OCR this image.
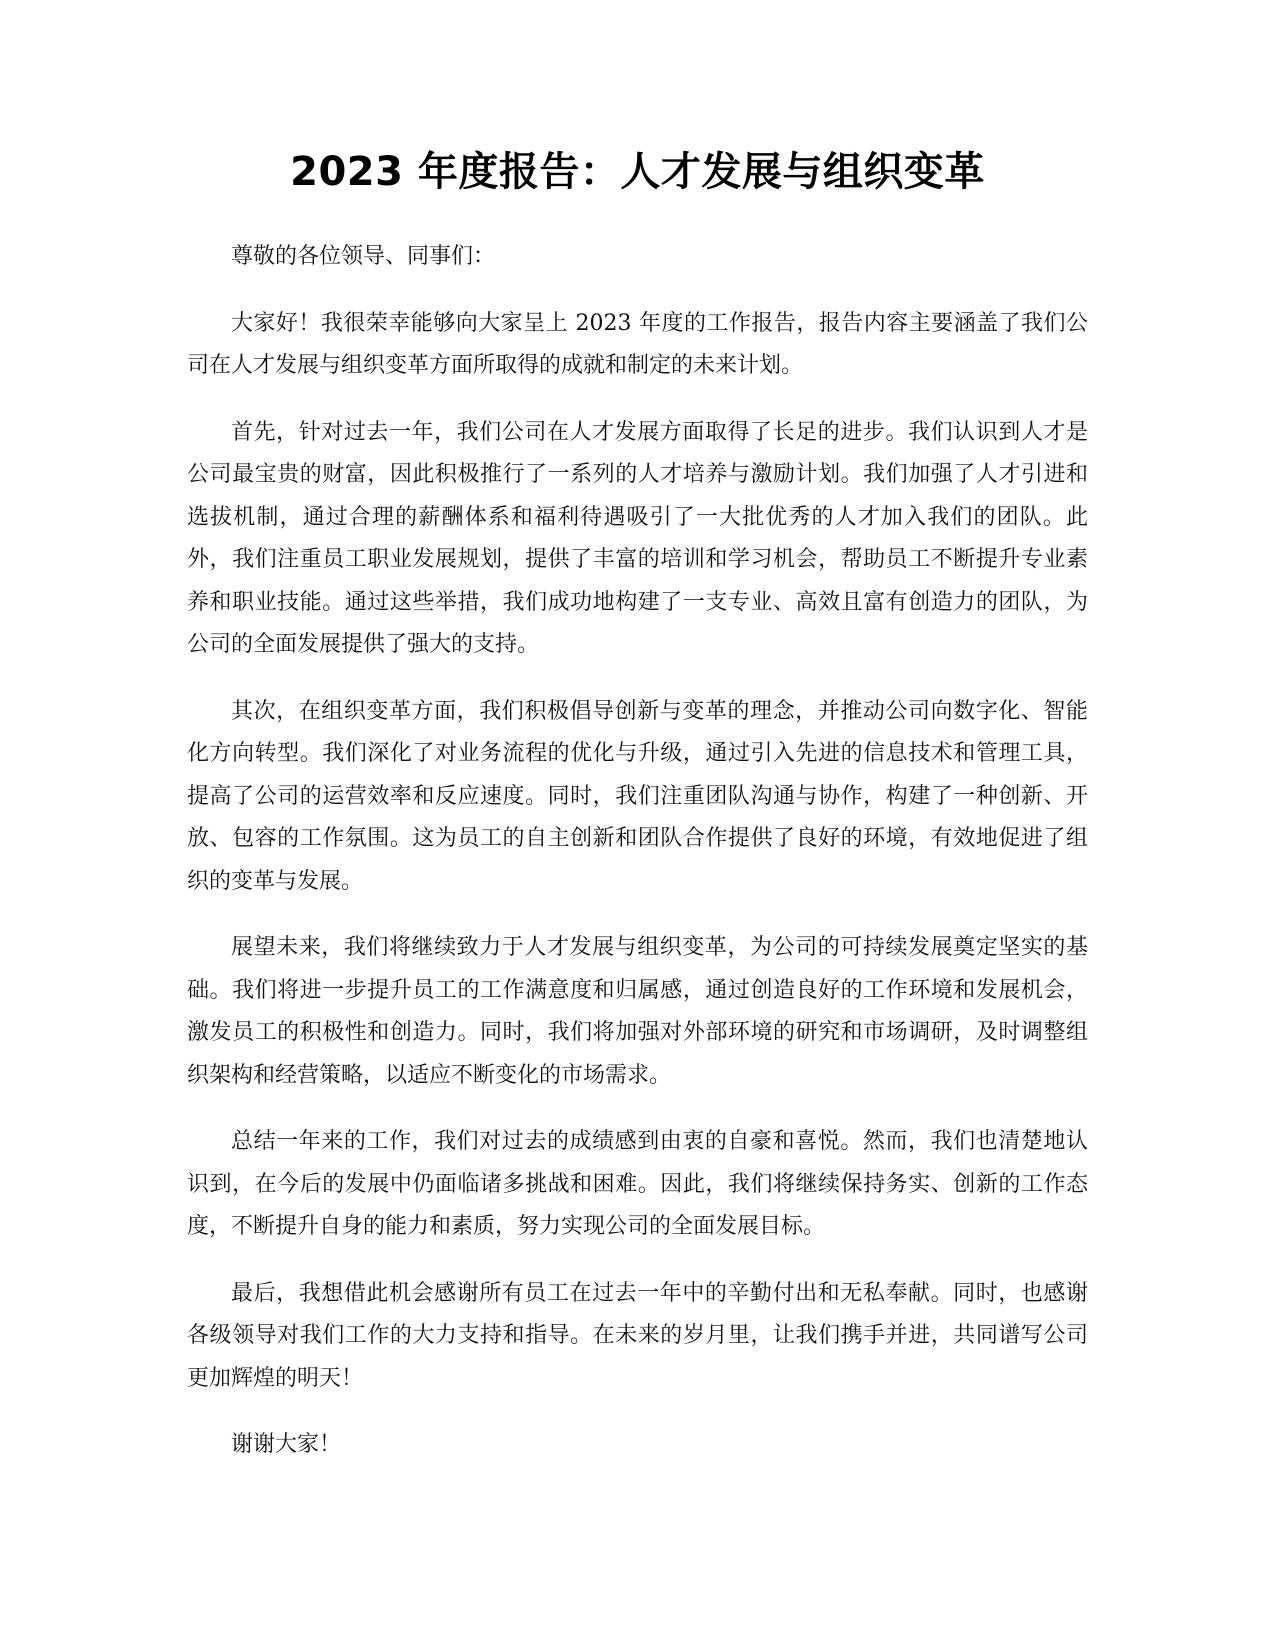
2023 年度报告：人才发展与组织变革

尊敬的各位领导、同事们：

大家好！我很荣幸能够向大家呈上 2023 年度的工作报告，报告内容主要涵盖了我们公司在人才发展与组织变革方面所取得的成就和制定的未来计划。

首先，针对过去一年，我们公司在人才发展方面取得了长足的进步。我们认识到人才是公司最宝贵的财富，因此积极推行了一系列的人才培养与激励计划。我们加强了人才引进和选拔机制，通过合理的薪酬体系和福利待遇吸引了一大批优秀的人才加入我们的团队。此外，我们注重员工职业发展规划，提供了丰富的培训和学习机会，帮助员工不断提升专业素养和职业技能。通过这些举措，我们成功地构建了一支专业、高效且富有创造力的团队，为公司的全面发展提供了强大的支持。

其次，在组织变革方面，我们积极倡导创新与变革的理念，并推动公司向数字化、智能化方向转型。我们深化了对业务流程的优化与升级，通过引入先进的信息技术和管理工具，提高了公司的运营效率和反应速度。同时，我们注重团队沟通与协作，构建了一种创新、开放、包容的工作氛围。这为员工的自主创新和团队合作提供了良好的环境，有效地促进了组织的变革与发展。

展望未来，我们将继续致力于人才发展与组织变革，为公司的可持续发展奠定坚实的基础。我们将进一步提升员工的工作满意度和归属感，通过创造良好的工作环境和发展机会，激发员工的积极性和创造力。同时，我们将加强对外部环境的研究和市场调研，及时调整组织架构和经营策略，以适应不断变化的市场需求。

总结一年来的工作，我们对过去的成绩感到由衷的自豪和喜悦。然而，我们也清楚地认识到，在今后的发展中仍面临诸多挑战和困难。因此，我们将继续保持务实、创新的工作态度，不断提升自身的能力和素质，努力实现公司的全面发展目标。

最后，我想借此机会感谢所有员工在过去一年中的辛勤付出和无私奉献。同时，也感谢各级领导对我们工作的大力支持和指导。在未来的岁月里，让我们携手并进，共同谱写公司更加辉煌的明天！

谢谢大家！
